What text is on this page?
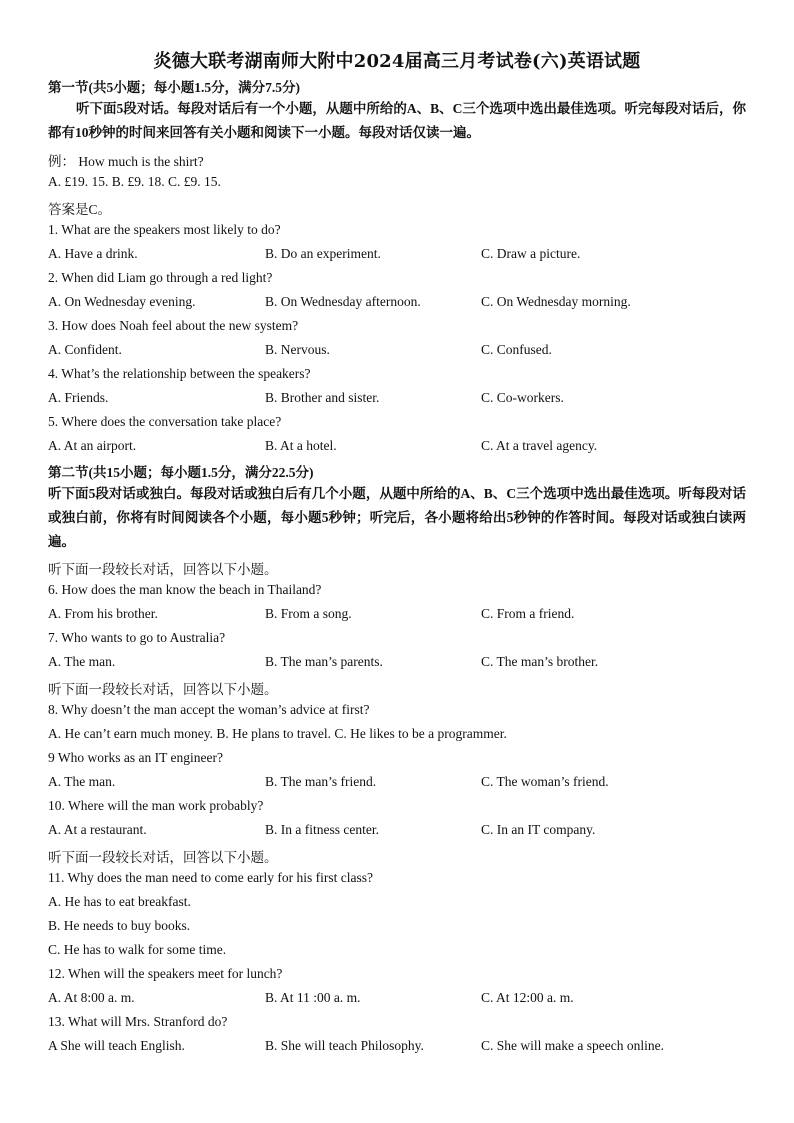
炎德大联考湖南师大附中2024届高三月考试卷(六)英语试题
第一节(共5小题；每小题1.5分，满分7.5分)
听下面5段对话。每段对话后有一个小题，从题中所给的A、B、C三个选项中选出最佳选项。听完每段对话后，你都有10秒钟的时间来回答有关小题和阅读下一小题。每段对话仅读一遍。
例： How much is the shirt?
A. £19. 15. B. £9. 18. C. £9. 15.
答案是C。
1. What are the speakers most likely to do?
A. Have a drink.	B. Do an experiment.	C. Draw a picture.
2. When did Liam go through a red light?
A. On Wednesday evening.	B. On Wednesday afternoon.	C. On Wednesday morning.
3. How does Noah feel about the new system?
A. Confident.	B. Nervous.	C. Confused.
4. What’s the relationship between the speakers?
A. Friends.	B. Brother and sister.	C. Co-workers.
5. Where does the conversation take place?
A. At an airport.	B. At a hotel.	C. At a travel agency.
第二节(共15小题；每小题1.5分，满分22.5分)
听下面5段对话或独白。每段对话或独白后有几个小题，从题中所给的A、B、C三个选项中选出最佳选项。听每段对话或独白前，你将有时间阅读各个小题，每小题5秒钟；听完后，各小题将给出5秒钟的作答时间。每段对话或独白读两遍。
听下面一段较长对话，回答以下小题。
6. How does the man know the beach in Thailand?
A. From his brother.	B. From a song.	C. From a friend.
7. Who wants to go to Australia?
A. The man.	B. The man’s parents.	C. The man’s brother.
听下面一段较长对话，回答以下小题。
8. Why doesn’t the man accept the woman’s advice at first?
A. He can’t earn much money. B. He plans to travel. C. He likes to be a programmer.
9 Who works as an IT engineer?
A. The man.	B. The man’s friend.	C. The woman’s friend.
10. Where will the man work probably?
A. At a restaurant.	B. In a fitness center.	C. In an IT company.
听下面一段较长对话，回答以下小题。
11. Why does the man need to come early for his first class?
A. He has to eat breakfast.
B. He needs to buy books.
C. He has to walk for some time.
12. When will the speakers meet for lunch?
A. At 8:00 a. m.	B. At 11 :00 a. m.	C. At 12:00 a. m.
13. What will Mrs. Stranford do?
A She will teach English.	B. She will teach Philosophy.	C. She will make a speech online.
